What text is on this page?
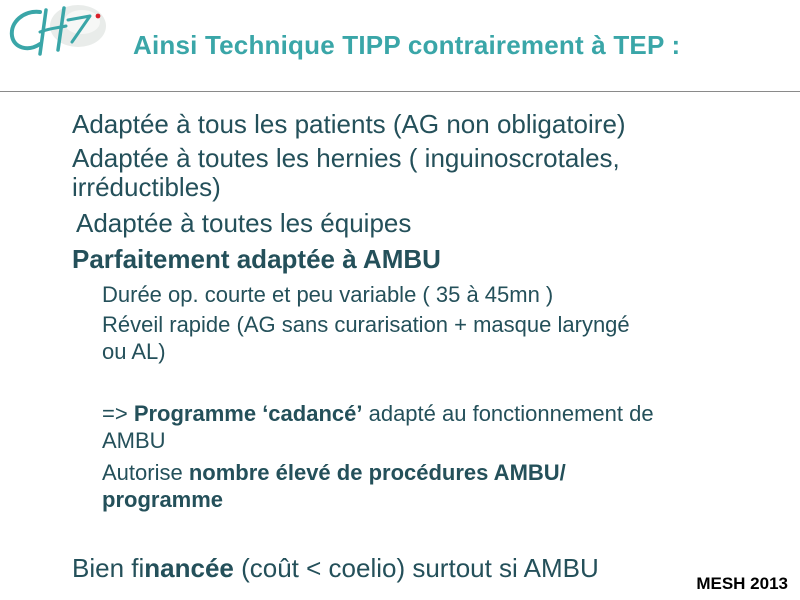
Ainsi Technique TIPP contrairement à TEP :
Adaptée à tous les patients (AG non obligatoire)
Adaptée à toutes les hernies ( inguinoscrotales,
irréductibles)
Adaptée à toutes les équipes
Parfaitement adaptée à AMBU
Durée op. courte et peu variable ( 35 à 45mn )
Réveil rapide (AG sans curarisation + masque laryngé
ou AL)
=> Programme ‘cadancé’ adapté au fonctionnement de
AMBU
Autorise nombre élevé de procédures AMBU/
programme
Bien financée (coût < coelio) surtout si AMBU
MESH 2013
